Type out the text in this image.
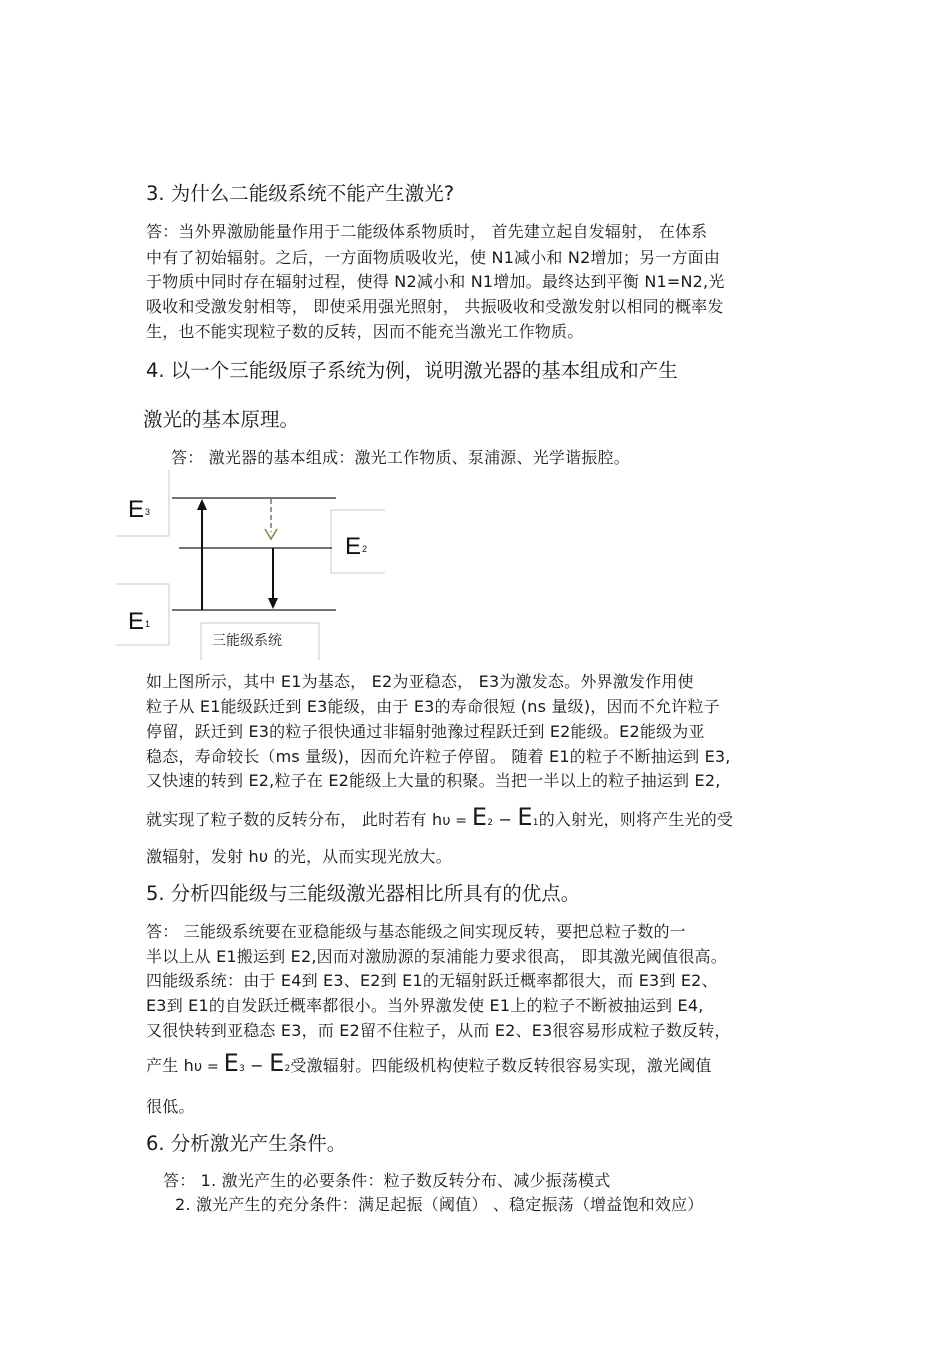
3. 为什么二能级系统不能产生激光?
答：当外界激励能量作用于二能级体系物质时， 首先建立起自发辐射， 在体系
中有了初始辐射。之后，一方面物质吸收光，使 N1减小和 N2增加；另一方面由
于物质中同时存在辐射过程，使得 N2减小和 N1增加。最终达到平衡 N1=N2,光
吸收和受激发射相等， 即使采用强光照射， 共振吸收和受激发射以相同的概率发
生，也不能实现粒子数的反转，因而不能充当激光工作物质。
4. 以一个三能级原子系统为例，说明激光器的基本组成和产生
激光的基本原理。
答： 激光器的基本组成：激光工作物质、泵浦源、光学谐振腔。
E3
E1
E2
三能级系统
如上图所示，其中 E1为基态， E2为亚稳态， E3为激发态。外界激发作用使
粒子从 E1能级跃迁到 E3能级，由于 E3的寿命很短 (ns 量级)，因而不允许粒子
停留，跃迁到 E3的粒子很快通过非辐射弛豫过程跃迁到 E2能级。E2能级为亚
稳态，寿命较长（ms 量级)，因而允许粒子停留。 随着 E1的粒子不断抽运到 E3,
又快速的转到 E2,粒子在 E2能级上大量的积聚。当把一半以上的粒子抽运到 E2,
就实现了粒子数的反转分布， 此时若有 hυ = E2 − E1的入射光，则将产生光的受
激辐射，发射 hυ 的光，从而实现光放大。
5. 分析四能级与三能级激光器相比所具有的优点。
答： 三能级系统要在亚稳能级与基态能级之间实现反转，要把总粒子数的一
半以上从 E1搬运到 E2,因而对激励源的泵浦能力要求很高， 即其激光阈值很高。
四能级系统：由于 E4到 E3、E2到 E1的无辐射跃迁概率都很大，而 E3到 E2、
E3到 E1的自发跃迁概率都很小。当外界激发使 E1上的粒子不断被抽运到 E4,
又很快转到亚稳态 E3，而 E2留不住粒子，从而 E2、E3很容易形成粒子数反转，
产生 hυ = E3 − E2受激辐射。四能级机构使粒子数反转很容易实现，激光阈值
很低。
6. 分析激光产生条件。
答： 1. 激光产生的必要条件：粒子数反转分布、减少振荡模式
2. 激光产生的充分条件：满足起振（阈值） 、稳定振荡（增益饱和效应）
